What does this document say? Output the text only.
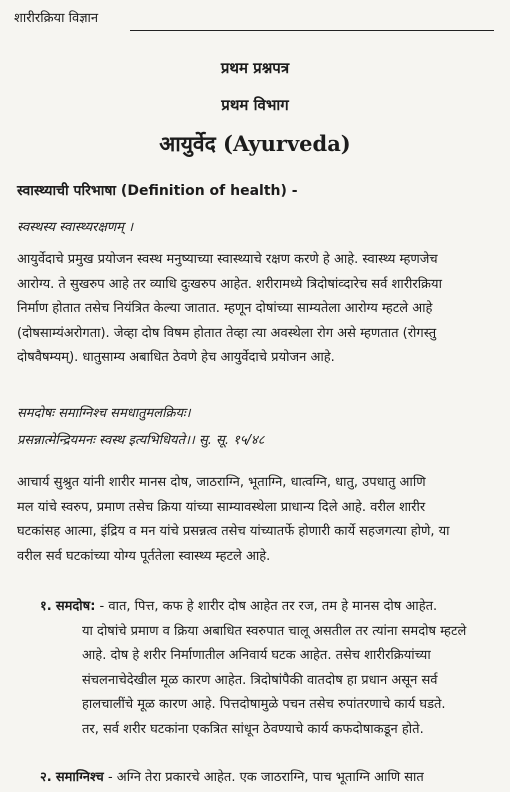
शारीरक्रिया विज्ञान
प्रथम प्रश्नपत्र
प्रथम विभाग
आयुर्वेद (Ayurveda)
स्वास्थ्याची परिभाषा (Definition of health) -
स्वस्थस्य स्वास्थ्यरक्षणम् ।

आयुर्वेदाचे प्रमुख प्रयोजन स्वस्थ मनुष्याच्या स्वास्थ्याचे रक्षण करणे हे आहे. स्वास्थ्य म्हणजेच
आरोग्य. ते सुखरुप आहे तर व्याधि दुःखरुप आहेत. शरीरामध्ये त्रिदोषांव्दारेच सर्व शारीरक्रिया
निर्माण होतात तसेच नियंत्रित केल्या जातात. म्हणून दोषांच्या साम्यतेला आरोग्य म्हटले आहे
(दोषसाम्यंअरोगता). जेव्हा दोष विषम होतात तेव्हा त्या अवस्थेला रोग असे म्हणतात (रोगस्तु
दोषवैषम्यम्). धातुसाम्य अबाधित ठेवणे हेच आयुर्वेदाचे प्रयोजन आहे.

समदोषः समाग्निश्च समधातुमलक्रियः।
प्रसन्नात्मेन्द्रियमनः स्वस्थ इत्यभिधियते।। सु. सू. १५/४८

आचार्य सुश्रुत यांनी शारीर मानस दोष, जाठराग्नि, भूताग्नि, धात्वग्नि, धातु, उपधातु आणि
मल यांचे स्वरुप, प्रमाण तसेच क्रिया यांच्या साम्यावस्थेला प्राधान्य दिले आहे. वरील शारीर
घटकांसह आत्मा, इंद्रिय व मन यांचे प्रसन्नत्व तसेच यांच्यातर्फे होणारी कार्ये सहजगत्या होणे, या
वरील सर्व घटकांच्या योग्य पूर्ततेला स्वास्थ्य म्हटले आहे.

१. समदोष: - वात, पित्त, कफ हे शारीर दोष आहेत तर रज, तम हे मानस दोष आहेत.
या दोषांचे प्रमाण व क्रिया अबाधित स्वरुपात चालू असतील तर त्यांना समदोष म्हटले
आहे. दोष हे शरीर निर्माणातील अनिवार्य घटक आहेत. तसेच शारीरक्रियांच्या
संचलनाचेदेखील मूळ कारण आहेत. त्रिदोषांपैकी वातदोष हा प्रधान असून सर्व
हालचालींचे मूळ कारण आहे. पित्तदोषामुळे पचन तसेच रुपांतरणाचे कार्य घडते.
तर, सर्व शरीर घटकांना एकत्रित सांधून ठेवण्याचे कार्य कफदोषाकडून होते.

२. समाग्निश्च - अग्नि तेरा प्रकारचे आहेत. एक जाठराग्नि, पाच भूताग्नि आणि सात
